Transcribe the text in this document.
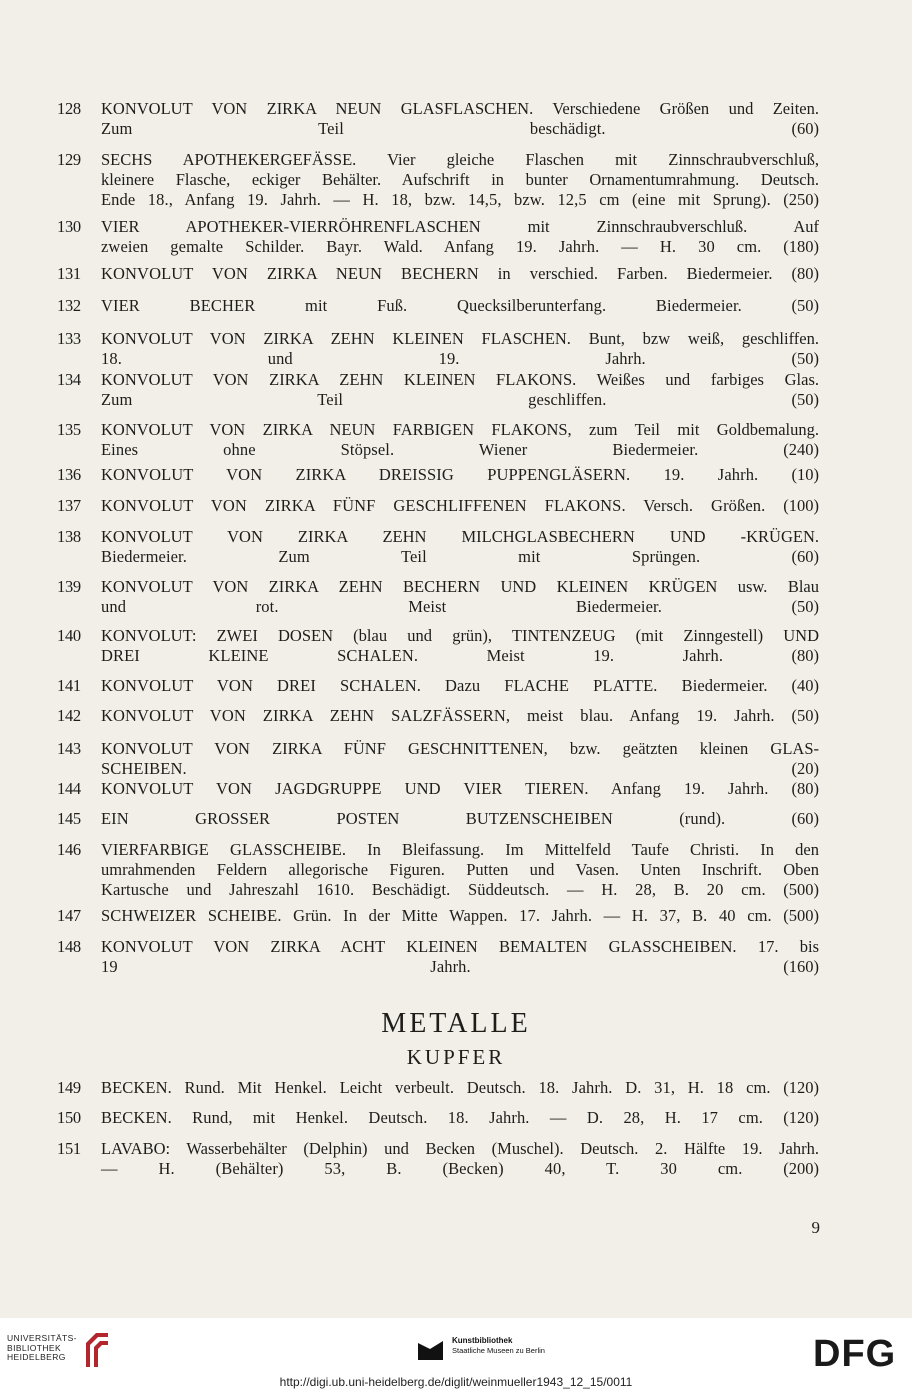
128	KONVOLUT VON ZIRKA NEUN GLASFLASCHEN. Verschiedene Größen und Zeiten.
Zum Teil beschädigt.	(60)
129	SECHS APOTHEKERGEFÄSSE. Vier gleiche Flaschen mit Zinnschraubverschluß,
kleinere Flasche, eckiger Behälter. Aufschrift in bunter Ornamentumrahmung. Deutsch.
Ende 18., Anfang 19. Jahrh. — H. 18, bzw. 14,5, bzw. 12,5 cm (eine mit Sprung). (250)
130	VIER APOTHEKER-VIERRÖHRENFLASCHEN mit Zinnschraubverschluß. Auf
zweien gemalte Schilder. Bayr. Wald. Anfang 19. Jahrh. — H. 30 cm. (180)
131	KONVOLUT VON ZIRKA NEUN BECHERN in verschied. Farben. Biedermeier. (80)
132	VIER BECHER mit Fuß. Quecksilberunterfang. Biedermeier.	(50)
133	KONVOLUT VON ZIRKA ZEHN KLEINEN FLASCHEN. Bunt, bzw weiß, geschliffen.
18. und 19. Jahrh.	(50)
134	KONVOLUT VON ZIRKA ZEHN KLEINEN FLAKONS. Weißes und farbiges Glas.
Zum Teil geschliffen.	(50)
135	KONVOLUT VON ZIRKA NEUN FARBIGEN FLAKONS, zum Teil mit Goldbemalung.
Eines ohne Stöpsel. Wiener Biedermeier.	(240)
136	KONVOLUT VON ZIRKA DREISSIG PUPPENGLÄSERN. 19. Jahrh. (10)
137	KONVOLUT VON ZIRKA FÜNF GESCHLIFFENEN FLAKONS. Versch. Größen. (100)
138	KONVOLUT VON ZIRKA ZEHN MILCHGLASBECHERN UND -KRÜGEN.
Biedermeier. Zum Teil mit Sprüngen.	(60)
139	KONVOLUT VON ZIRKA ZEHN BECHERN UND KLEINEN KRÜGEN usw. Blau
und rot. Meist Biedermeier.	(50)
140	KONVOLUT: ZWEI DOSEN (blau und grün), TINTENZEUG (mit Zinngestell) UND
DREI KLEINE SCHALEN. Meist 19. Jahrh.	(80)
141	KONVOLUT VON DREI SCHALEN. Dazu FLACHE PLATTE. Biedermeier. (40)
142	KONVOLUT VON ZIRKA ZEHN SALZFÄSSERN, meist blau. Anfang 19. Jahrh. (50)
143	KONVOLUT VON ZIRKA FÜNF GESCHNITTENEN, bzw. geätzten kleinen GLAS-
SCHEIBEN.	(20)
144	KONVOLUT VON JAGDGRUPPE UND VIER TIEREN. Anfang 19. Jahrh. (80)
145	EIN GROSSER POSTEN BUTZENSCHEIBEN (rund).	(60)
146	VIERFARBIGE GLASSCHEIBE. In Bleifassung. Im Mittelfeld Taufe Christi. In den
umrahmenden Feldern allegorische Figuren. Putten und Vasen. Unten Inschrift. Oben
Kartusche und Jahreszahl 1610. Beschädigt. Süddeutsch. — H. 28, B. 20 cm. (500)
147	SCHWEIZER SCHEIBE. Grün. In der Mitte Wappen. 17. Jahrh. — H. 37, B. 40 cm. (500)
148	KONVOLUT VON ZIRKA ACHT KLEINEN BEMALTEN GLASSCHEIBEN. 17. bis
19 Jahrh.	(160)
149	BECKEN. Rund. Mit Henkel. Leicht verbeult. Deutsch. 18. Jahrh. D. 31, H. 18 cm. (120)
150	BECKEN. Rund, mit Henkel. Deutsch. 18. Jahrh. — D. 28, H. 17 cm. (120)
151	LAVABO: Wasserbehälter (Delphin) und Becken (Muschel). Deutsch. 2. Hälfte 19. Jahrh.
— H. (Behälter) 53, B. (Becken) 40, T. 30 cm. (200)
METALLE
KUPFER
9
UNIVERSITÄTS-
BIBLIOTHEK
HEIDELBERG
Kunstbibliothek
Staatliche Museen zu Berlin	DFG
http://digi.ub.uni-heidelberg.de/diglit/weinmueller1943_12_15/0011
